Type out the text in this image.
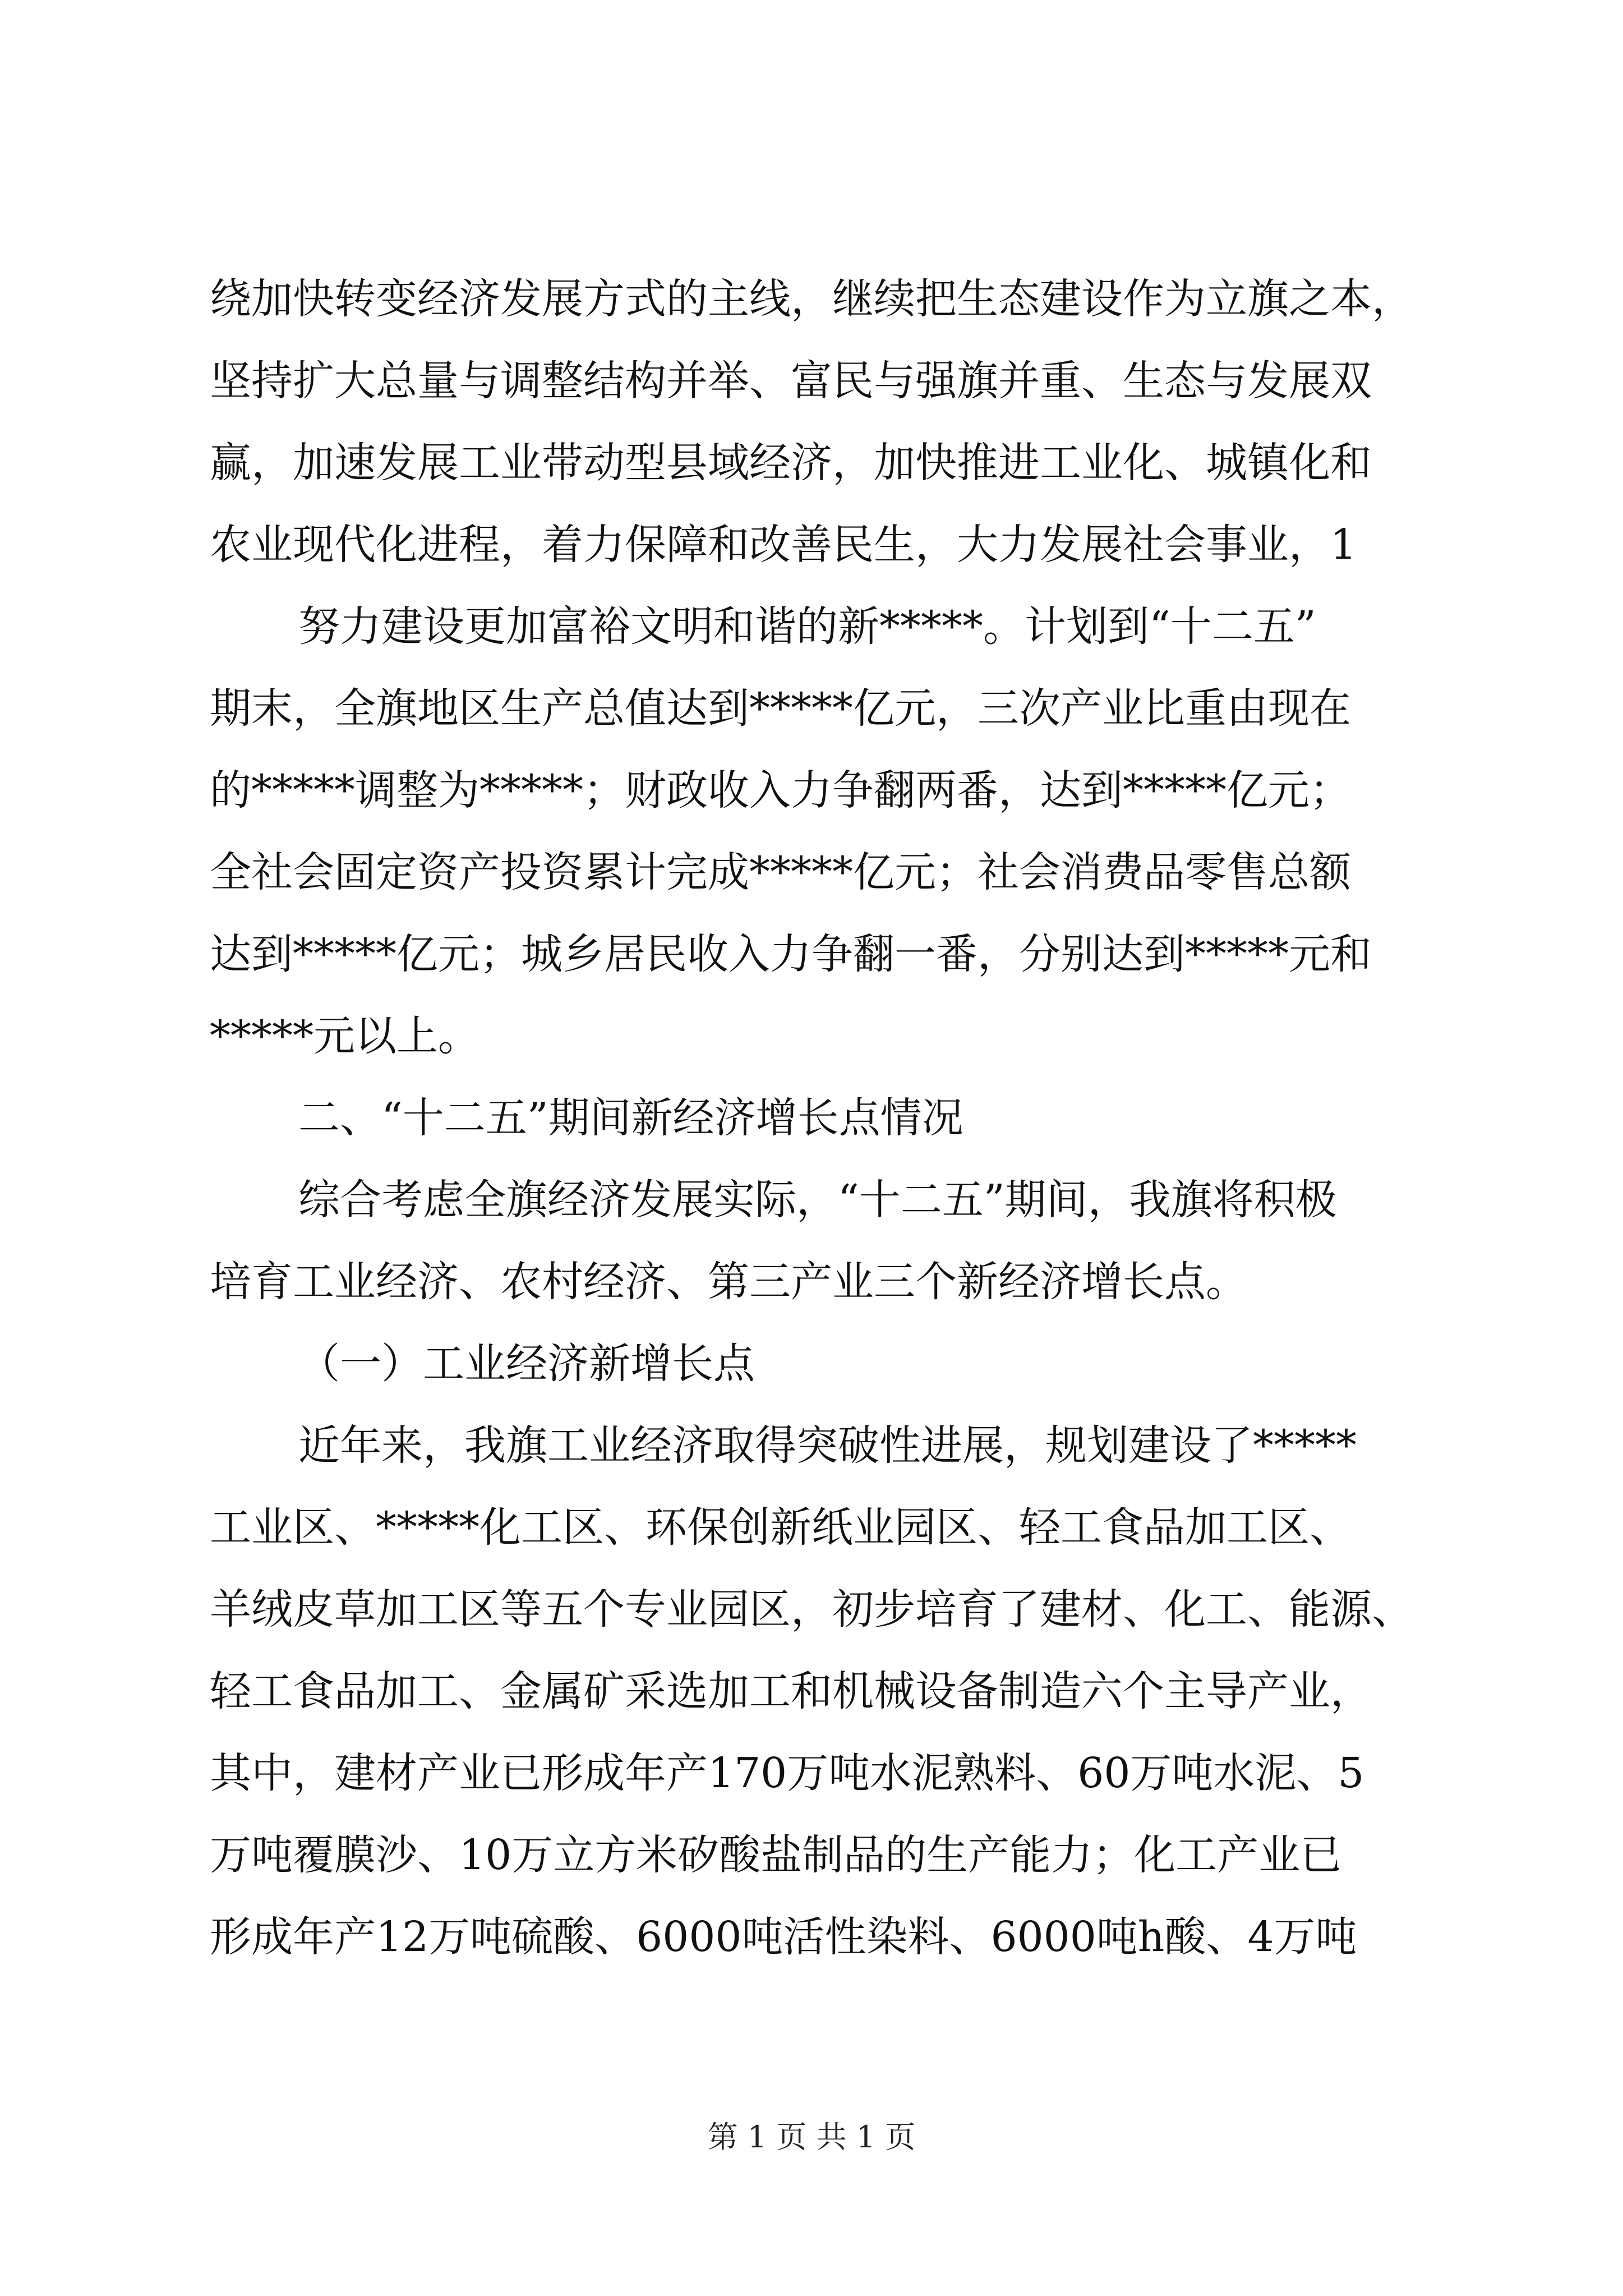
绕加快转变经济发展方式的主线，继续把生态建设作为立旗之本，
坚持扩大总量与调整结构并举、富民与强旗并重、生态与发展双
赢，加速发展工业带动型县域经济，加快推进工业化、城镇化和
农业现代化进程，着力保障和改善民生，大力发展社会事业，1
努力建设更加富裕文明和谐的新*****。计划到“十二五”
期末，全旗地区生产总值达到*****亿元，三次产业比重由现在
的*****调整为*****；财政收入力争翻两番，达到*****亿元；
全社会固定资产投资累计完成*****亿元；社会消费品零售总额
达到*****亿元；城乡居民收入力争翻一番，分别达到*****元和
*****元以上。
二、“十二五”期间新经济增长点情况
综合考虑全旗经济发展实际，“十二五”期间，我旗将积极
培育工业经济、农村经济、第三产业三个新经济增长点。
（一）工业经济新增长点
近年来，我旗工业经济取得突破性进展，规划建设了*****
工业区、*****化工区、环保创新纸业园区、轻工食品加工区、
羊绒皮草加工区等五个专业园区，初步培育了建材、化工、能源、
轻工食品加工、金属矿采选加工和机械设备制造六个主导产业，
其中，建材产业已形成年产170万吨水泥熟料、60万吨水泥、5
万吨覆膜沙、10万立方米矽酸盐制品的生产能力；化工产业已
形成年产12万吨硫酸、6000吨活性染料、6000吨h酸、4万吨
第 1 页 共 1 页
